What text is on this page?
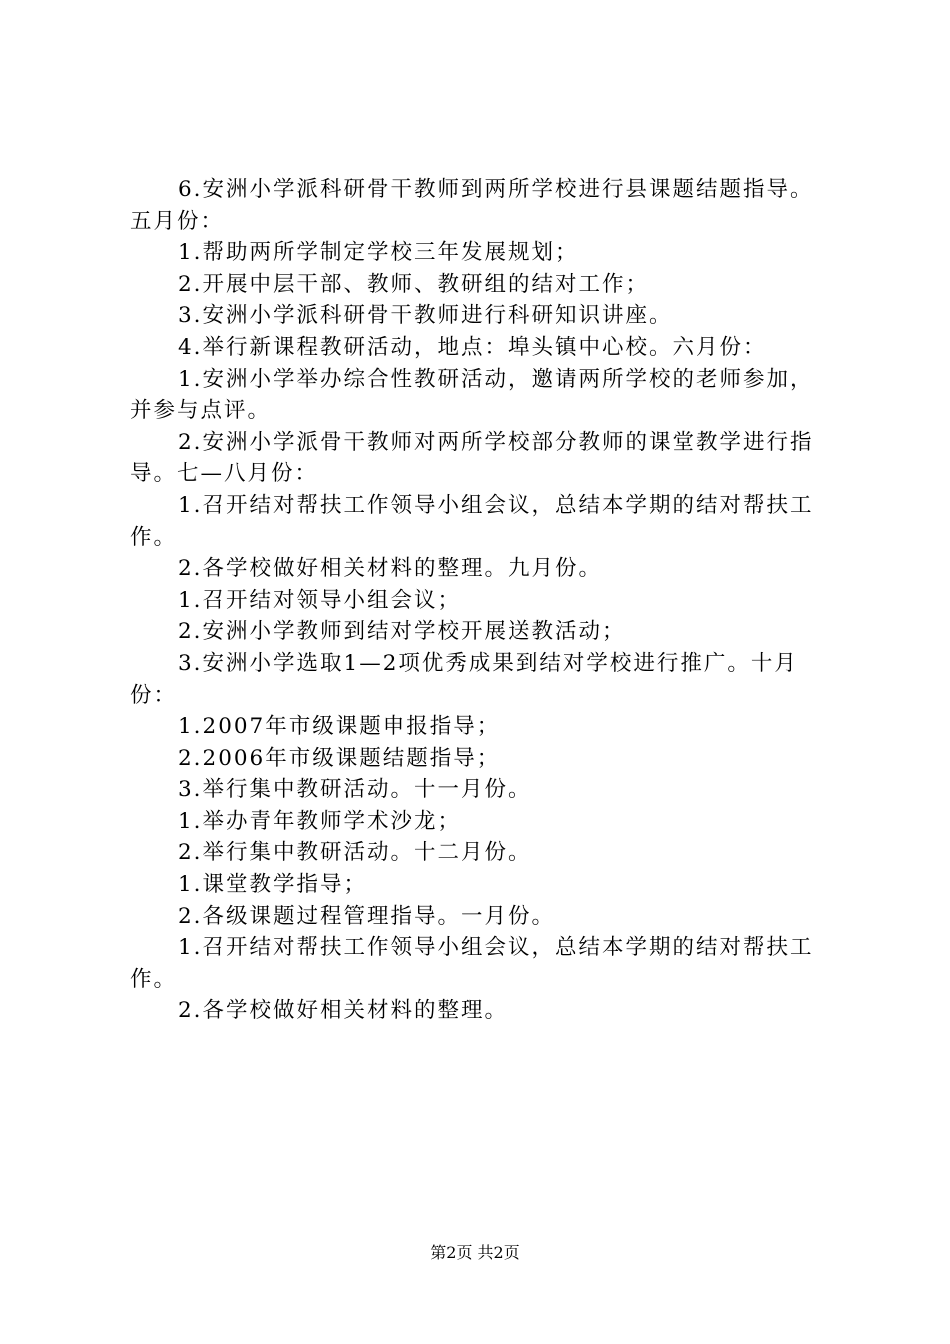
6.安洲小学派科研骨干教师到两所学校进行县课题结题指导。五月份：

1.帮助两所学制定学校三年发展规划；

2.开展中层干部、教师、教研组的结对工作；

3.安洲小学派科研骨干教师进行科研知识讲座。

4.举行新课程教研活动，地点：埠头镇中心校。六月份：

1.安洲小学举办综合性教研活动，邀请两所学校的老师参加，并参与点评。

2.安洲小学派骨干教师对两所学校部分教师的课堂教学进行指导。七—八月份：

1.召开结对帮扶工作领导小组会议，总结本学期的结对帮扶工作。

2.各学校做好相关材料的整理。九月份。

1.召开结对领导小组会议；

2.安洲小学教师到结对学校开展送教活动；

3.安洲小学选取1—2项优秀成果到结对学校进行推广。十月份：

1.2007年市级课题申报指导；

2.2006年市级课题结题指导；

3.举行集中教研活动。十一月份。

1.举办青年教师学术沙龙；

2.举行集中教研活动。十二月份。

1.课堂教学指导；

2.各级课题过程管理指导。一月份。

1.召开结对帮扶工作领导小组会议，总结本学期的结对帮扶工作。

2.各学校做好相关材料的整理。

第2页 共2页
